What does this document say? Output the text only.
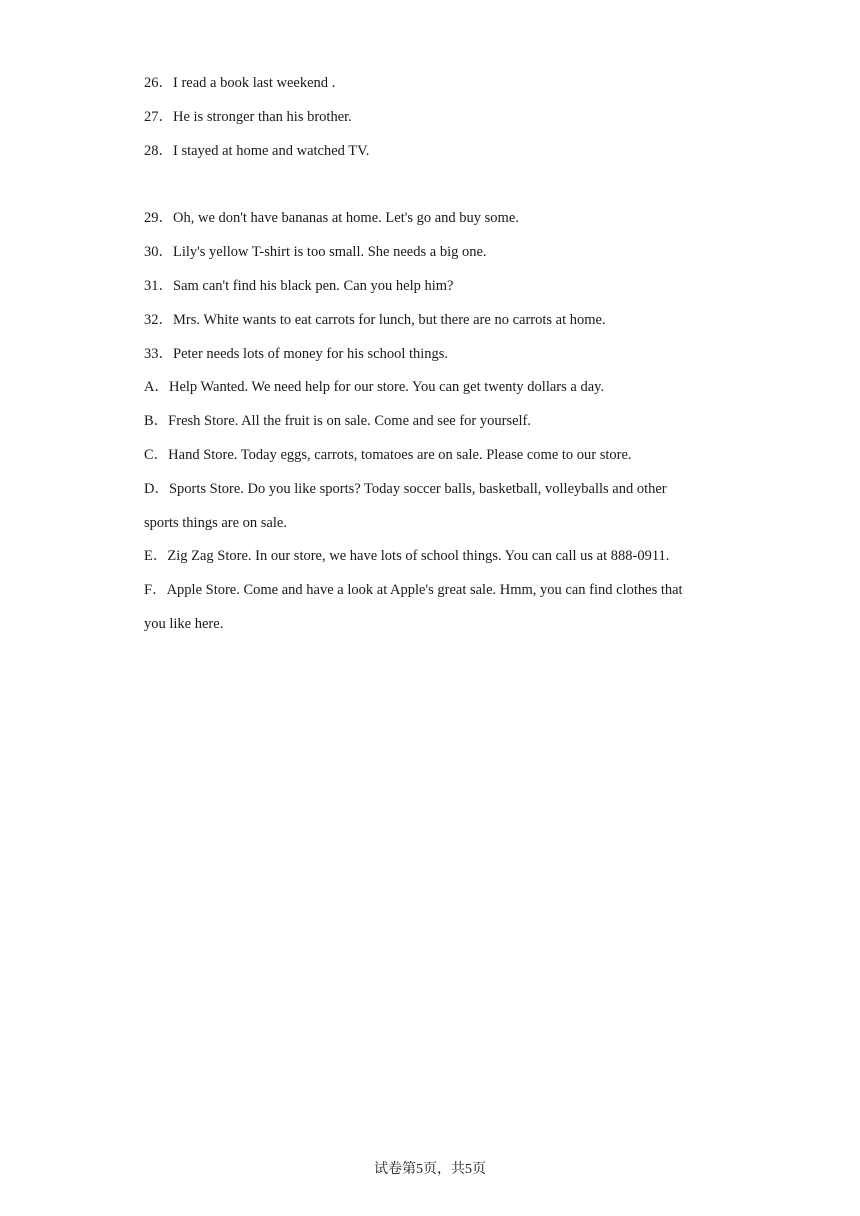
26．I read a book last weekend .
27．He is stronger than his brother.
28．I stayed at home and watched TV.
29．Oh, we don't have bananas at home. Let's go and buy some.
30．Lily's yellow T-shirt is too small. She needs a big one.
31．Sam can't find his black pen. Can you help him?
32．Mrs. White wants to eat carrots for lunch, but there are no carrots at home.
33．Peter needs lots of money for his school things.
A．Help Wanted. We need help for our store. You can get twenty dollars a day.
B．Fresh Store. All the fruit is on sale. Come and see for yourself.
C．Hand Store. Today eggs, carrots, tomatoes are on sale. Please come to our store.
D．Sports Store. Do you like sports? Today soccer balls, basketball, volleyballs and other
sports things are on sale.
E．Zig Zag Store. In our store, we have lots of school things. You can call us at 888-0911.
F．Apple Store. Come and have a look at Apple's great sale. Hmm, you can find clothes that
you like here.
试卷第5页，共5页
